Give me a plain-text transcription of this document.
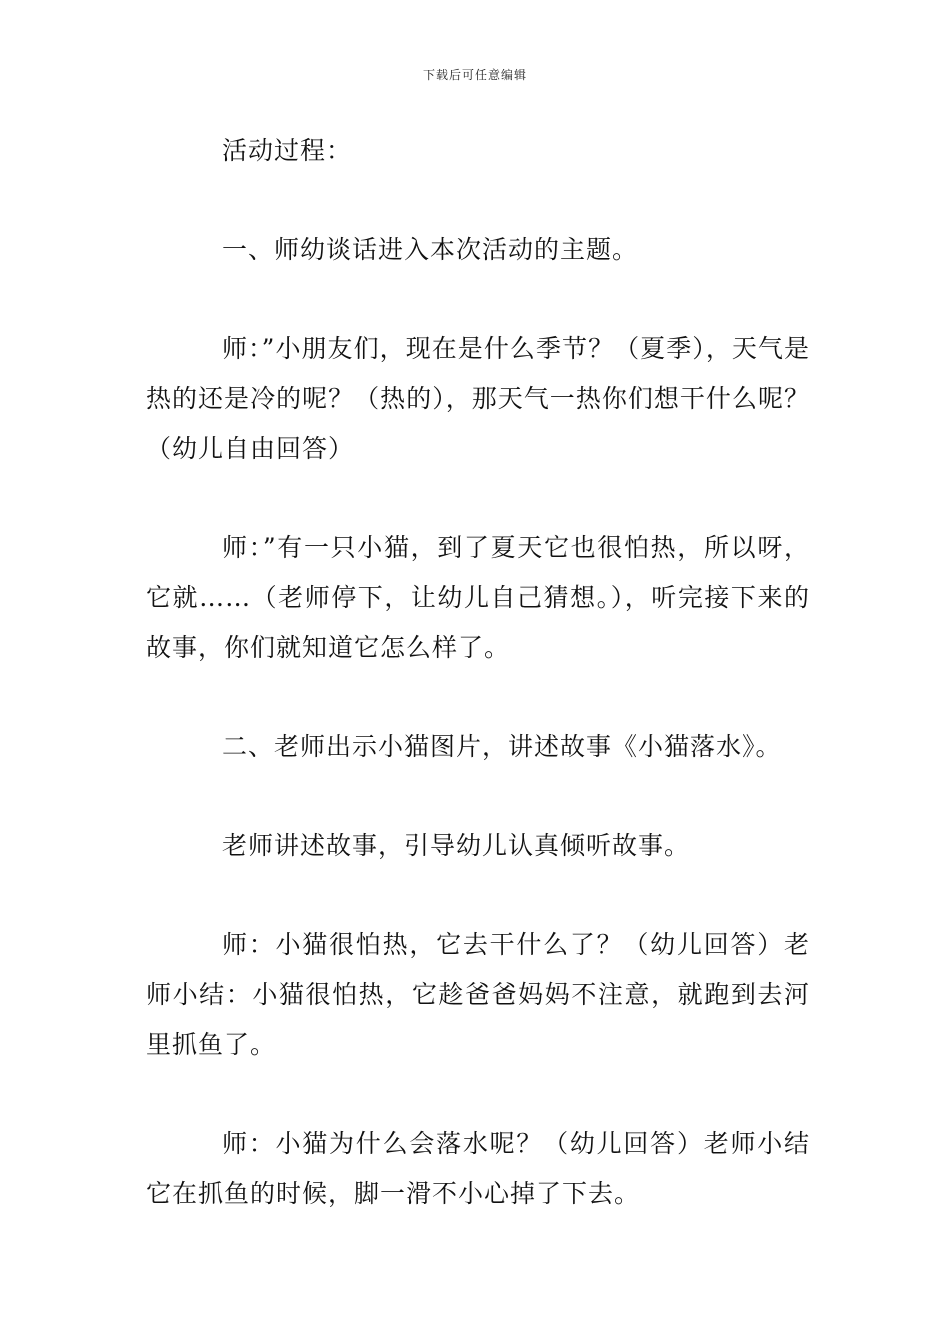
下载后可任意编辑

活动过程：

一、师幼谈话进入本次活动的主题。

师：”小朋友们，现在是什么季节？（夏季），天气是热的还是冷的呢？（热的），那天气一热你们想干什么呢？（幼儿自由回答）

师：”有一只小猫，到了夏天它也很怕热，所以呀，它就……（老师停下，让幼儿自己猜想。），听完接下来的故事，你们就知道它怎么样了。

二、老师出示小猫图片，讲述故事《小猫落水》。

老师讲述故事，引导幼儿认真倾听故事。

师：小猫很怕热，它去干什么了？（幼儿回答）老师小结：小猫很怕热，它趁爸爸妈妈不注意，就跑到去河里抓鱼了。

师：小猫为什么会落水呢？（幼儿回答）老师小结它在抓鱼的时候，脚一滑不小心掉了下去。
